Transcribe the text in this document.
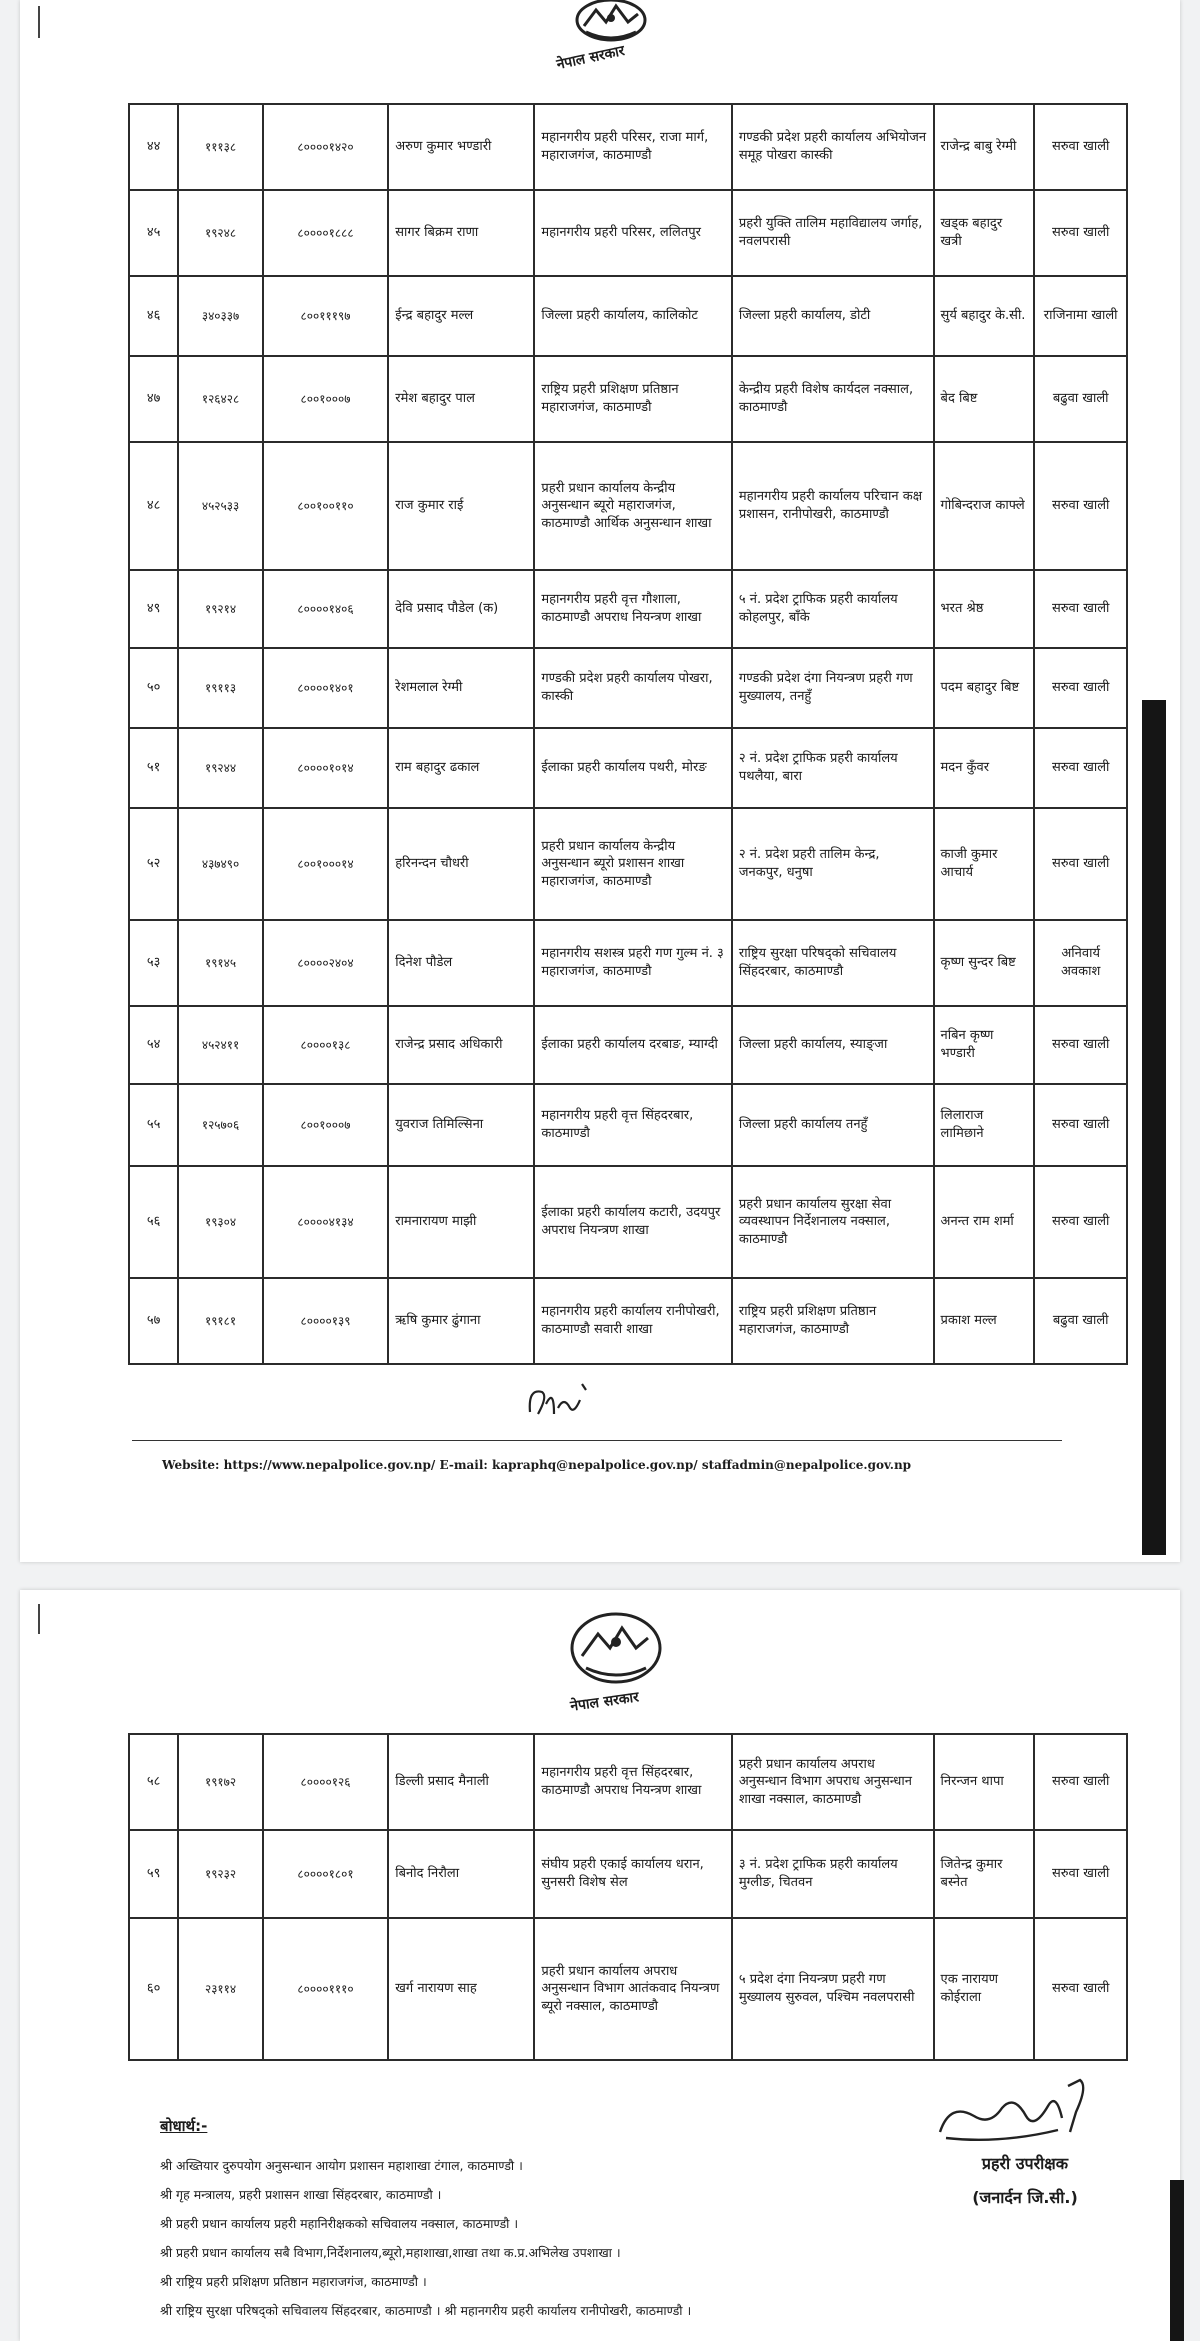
नेपाल सरकार
४४	१११३८	८००००१४२०	अरुण कुमार भण्डारी	महानगरीय प्रहरी परिसर, राजा मार्ग, महाराजगंज, काठमाण्डौ	गण्डकी प्रदेश प्रहरी कार्यालय अभियोजन समूह पोखरा कास्की	राजेन्द्र बाबु रेग्मी	सरुवा खाली
४५	१९२४८	८००००१८८८	सागर बिक्रम राणा	महानगरीय प्रहरी परिसर, ललितपुर	प्रहरी युक्ति तालिम महाविद्यालय जर्गाह, नवलपरासी	खड्क बहादुर खत्री	सरुवा खाली
४६	३४०३३७	८००१११९७	ईन्द्र बहादुर मल्ल	जिल्ला प्रहरी कार्यालय, कालिकोट	जिल्ला प्रहरी कार्यालय, डोटी	सुर्य बहादुर के.सी.	राजिनामा खाली
४७	१२६४२८	८००१०००७	रमेश बहादुर पाल	राष्ट्रिय प्रहरी प्रशिक्षण प्रतिष्ठान महाराजगंज, काठमाण्डौ	केन्द्रीय प्रहरी विशेष कार्यदल नक्साल, काठमाण्डौ	बेद बिष्ट	बढुवा खाली
४८	४५२५३३	८००१००११०	राज कुमार राई	प्रहरी प्रधान कार्यालय केन्द्रीय अनुसन्धान ब्यूरो महाराजगंज, काठमाण्डौ आर्थिक अनुसन्धान शाखा	महानगरीय प्रहरी कार्यालय परिचान कक्ष प्रशासन, रानीपोखरी, काठमाण्डौ	गोबिन्दराज काफ्ले	सरुवा खाली
४९	१९२१४	८००००१४०६	देवि प्रसाद पौडेल (क)	महानगरीय प्रहरी वृत्त गौशाला, काठमाण्डौ अपराध नियन्त्रण शाखा	५ नं. प्रदेश ट्राफिक प्रहरी कार्यालय कोहलपुर, बाँके	भरत श्रेष्ठ	सरुवा खाली
५०	१९११३	८००००१४०१	रेशमलाल रेग्मी	गण्डकी प्रदेश प्रहरी कार्यालय पोखरा, कास्की	गण्डकी प्रदेश दंगा नियन्त्रण प्रहरी गण मुख्यालय, तनहुँ	पदम बहादुर बिष्ट	सरुवा खाली
५१	१९२४४	८००००१०१४	राम बहादुर ढकाल	ईलाका प्रहरी कार्यालय पथरी, मोरङ	२ नं. प्रदेश ट्राफिक प्रहरी कार्यालय पथलैया, बारा	मदन कुँवर	सरुवा खाली
५२	४३७४९०	८००१०००१४	हरिनन्दन चौधरी	प्रहरी प्रधान कार्यालय केन्द्रीय अनुसन्धान ब्यूरो प्रशासन शाखा महाराजगंज, काठमाण्डौ	२ नं. प्रदेश प्रहरी तालिम केन्द्र, जनकपुर, धनुषा	काजी कुमार आचार्य	सरुवा खाली
५३	१९१४५	८००००२४०४	दिनेश पौडेल	महानगरीय सशस्त्र प्रहरी गण गुल्म नं. ३ महाराजगंज, काठमाण्डौ	राष्ट्रिय सुरक्षा परिषद्को सचिवालय सिंहदरबार, काठमाण्डौ	कृष्ण सुन्दर बिष्ट	अनिवार्य अवकाश
५४	४५२४११	८००००१३८	राजेन्द्र प्रसाद अधिकारी	ईलाका प्रहरी कार्यालय दरबाङ, म्याग्दी	जिल्ला प्रहरी कार्यालय, स्याङ्जा	नबिन कृष्ण भण्डारी	सरुवा खाली
५५	१२५७०६	८००१०००७	युवराज तिमिल्सिना	महानगरीय प्रहरी वृत्त सिंहदरबार, काठमाण्डौ	जिल्ला प्रहरी कार्यालय तनहुँ	लिलाराज लामिछाने	सरुवा खाली
५६	१९३०४	८००००४१३४	रामनारायण माझी	ईलाका प्रहरी कार्यालय कटारी, उदयपुर अपराध नियन्त्रण शाखा	प्रहरी प्रधान कार्यालय सुरक्षा सेवा व्यवस्थापन निर्देशनालय नक्साल, काठमाण्डौ	अनन्त राम शर्मा	सरुवा खाली
५७	१९१८१	८००००१३९	ऋषि कुमार ढुंगाना	महानगरीय प्रहरी कार्यालय रानीपोखरी, काठमाण्डौ सवारी शाखा	राष्ट्रिय प्रहरी प्रशिक्षण प्रतिष्ठान महाराजगंज, काठमाण्डौ	प्रकाश मल्ल	बढुवा खाली
Website: https://www.nepalpolice.gov.np/ E-mail: kapraphq@nepalpolice.gov.np/ staffadmin@nepalpolice.gov.np
नेपाल सरकार
५८	१९१७२	८००००१२६	डिल्ली प्रसाद मैनाली	महानगरीय प्रहरी वृत्त सिंहदरबार, काठमाण्डौ अपराध नियन्त्रण शाखा	प्रहरी प्रधान कार्यालय अपराध अनुसन्धान विभाग अपराध अनुसन्धान शाखा नक्साल, काठमाण्डौ	निरन्जन थापा	सरुवा खाली
५९	१९२३२	८००००१८०१	बिनोद निरौला	संघीय प्रहरी एकाई कार्यालय धरान, सुनसरी विशेष सेल	३ नं. प्रदेश ट्राफिक प्रहरी कार्यालय मुग्लीङ, चितवन	जितेन्द्र कुमार बस्नेत	सरुवा खाली
६०	२३११४	८००००१११०	खर्ग नारायण साह	प्रहरी प्रधान कार्यालय अपराध अनुसन्धान विभाग आतंकवाद नियन्त्रण ब्यूरो नक्साल, काठमाण्डौ	५ प्रदेश दंगा नियन्त्रण प्रहरी गण मुख्यालय सुरुवल, पश्चिम नवलपरासी	एक नारायण कोईराला	सरुवा खाली
बोधार्थ:-
श्री अख्तियार दुरुपयोग अनुसन्धान आयोग प्रशासन महाशाखा टंगाल, काठमाण्डौ ।
श्री गृह मन्त्रालय, प्रहरी प्रशासन शाखा सिंहदरबार, काठमाण्डौ ।
श्री प्रहरी प्रधान कार्यालय प्रहरी महानिरीक्षकको सचिवालय नक्साल, काठमाण्डौ ।
श्री प्रहरी प्रधान कार्यालय सबै विभाग,निर्देशनालय,ब्यूरो,महाशाखा,शाखा तथा क.प्र.अभिलेख उपशाखा ।
श्री राष्ट्रिय प्रहरी प्रशिक्षण प्रतिष्ठान महाराजगंज, काठमाण्डौ ।
श्री राष्ट्रिय सुरक्षा परिषद्को सचिवालय सिंहदरबार, काठमाण्डौ । श्री महानगरीय प्रहरी कार्यालय रानीपोखरी, काठमाण्डौ ।
प्रहरी उपरीक्षक
(जनार्दन जि.सी.)
